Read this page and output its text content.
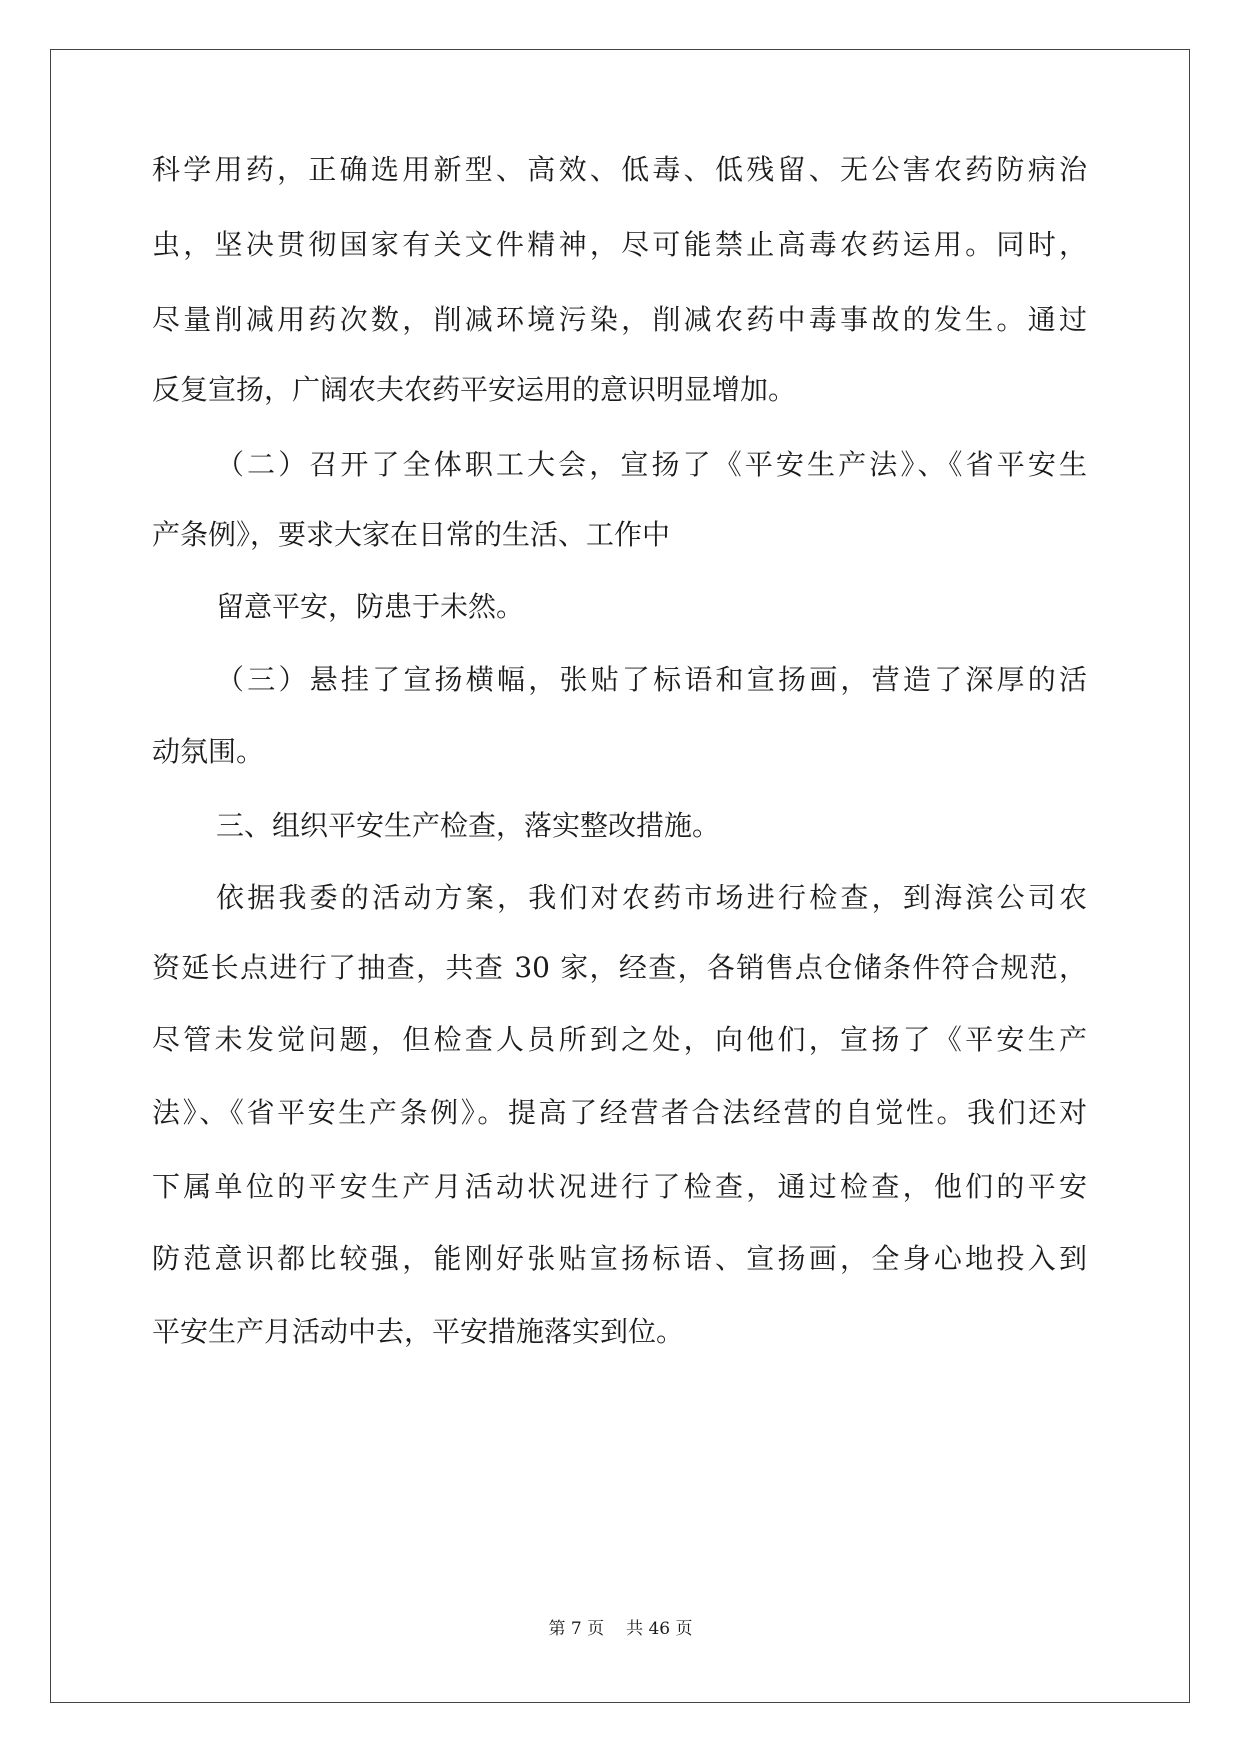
科学用药，正确选用新型、高效、低毒、低残留、无公害农药防病治
虫，坚决贯彻国家有关文件精神，尽可能禁止高毒农药运用。同时，
尽量削减用药次数，削减环境污染，削减农药中毒事故的发生。通过
反复宣扬，广阔农夫农药平安运用的意识明显增加。
（二）召开了全体职工大会，宣扬了《平安生产法》、《省平安生
产条例》，要求大家在日常的生活、工作中
留意平安，防患于未然。
（三）悬挂了宣扬横幅，张贴了标语和宣扬画，营造了深厚的活
动氛围。
三、组织平安生产检查，落实整改措施。
依据我委的活动方案，我们对农药市场进行检查，到海滨公司农
资延长点进行了抽查，共查 30 家，经查，各销售点仓储条件符合规范，
尽管未发觉问题，但检查人员所到之处，向他们，宣扬了《平安生产
法》、《省平安生产条例》。提高了经营者合法经营的自觉性。我们还对
下属单位的平安生产月活动状况进行了检查，通过检查，他们的平安
防范意识都比较强，能刚好张贴宣扬标语、宣扬画，全身心地投入到
平安生产月活动中去，平安措施落实到位。
第 7 页 共 46 页
